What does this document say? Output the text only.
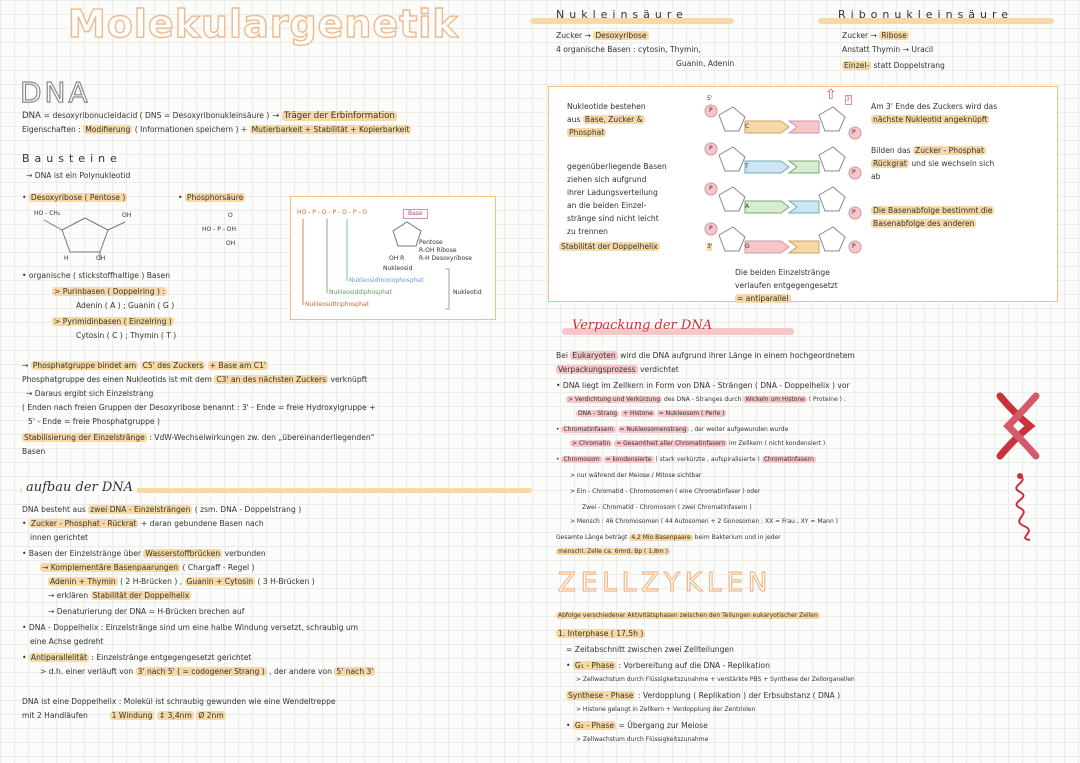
Molekulargenetik
DNA
DNA = desoxyribonucleidacid ( DNS = Desoxyribonukleinsäure ) → Träger der Erbinformation
Eigenschaften : Modifierung ( Informationen speichern ) + Mutierbarkeit + Stabilität + Kopierbarkeit
Bausteine
→ DNA ist ein Polynukleotid
• Desoxyribose ( Pentose )	• Phosphorsäure
HO - CH₂	OH
OH
H
O
HO - P - OH
OH
HO - P - O - P - O - P - O	Base
Pentose
R-OH Ribose
R-H Desoxyribose
OH R
Nukleosid
Nukleosidmonophosphat
Nukleosiddiphosphat
Nukleosidtriphosphat
Nukleotid
• organische ( stickstoffhaltige ) Basen
> Purinbasen ( Doppelring ) :
Adenin ( A ) ; Guanin ( G )
> Pyrimidinbasen ( Einzelring )
Cytosin ( C ) ; Thymin ( T )
→ Phosphatgruppe bindet am C5' des Zuckers + Base am C1'
Phosphatgruppe des einen Nukleotids ist mit dem C3' an des nächsten Zuckers verknüpft
→ Daraus ergibt sich Einzelstrang
( Enden nach freien Gruppen der Desoxyribose benannt : 3' - Ende = freie Hydroxylgruppe +
5' - Ende = freie Phosphatgruppe )
Stabilisierung der Einzelstränge : VdW-Wechselwirkungen zw. den „übereinanderliegenden"
Basen
aufbau der DNA
DNA besteht aus zwei DNA - Einzelsträngen ( zsm. DNA - Doppelstrang )
• Zucker - Phosphat - Rückrat + daran gebundene Basen nach
innen gerichtet
• Basen der Einzelstränge über Wasserstoffbrücken verbunden
→ Komplementäre Basenpaarungen ( Chargaff - Regel )
Adenin + Thymin ( 2 H-Brücken ) , Guanin + Cytosin ( 3 H-Brücken )
→ erklären Stabilität der Doppelhelix
→ Denaturierung der DNA = H-Brücken brechen auf
• DNA - Doppelhelix : Einzelstränge sind um eine halbe Windung versetzt, schraubig um
eine Achse gedreht
• Antiparallelität : Einzelstränge entgegengesetzt gerichtet
> d.h. einer verläuft von 3' nach 5' ( = codogener Strang ) , der andere von 5' nach 3'
DNA ist eine Doppelhelix : Molekül ist schraubig gewunden wie eine Wendeltreppe
mit 2 Handläufen	1 Windung ↕ 3,4nm Ø 2nm
Nukleinsäure
Zucker → Desoxyribose
4 organische Basen : cytosin, Thymin,
Guanin, Adenin
Ribonukleinsäure
Zucker → Ribose
Anstatt Thymin → Uracil
Einzel- statt Doppelstrang
Nukleotide bestehen
aus Base, Zucker &
Phosphat
gegenüberliegende Basen
ziehen sich aufgrund
ihrer Ladungsverteilung
an die beiden Einzel-
stränge sind nicht leicht
zu trennen
Stabilität der Doppelhelix
C
T
A
G
P
P
P
P
P
P
P
P
5'
3'
3'
⇧
Am 3' Ende des Zuckers wird das
nächste Nukleotid angeknüpft
Bilden das Zucker - Phosphat
Rückgrat und sie wechseln sich
ab
Die Basenabfolge bestimmt die
Basenabfolge des anderen
Die beiden Einzelstränge
verlaufen entgegengesetzt
= antiparallel
Verpackung der DNA
Bei Eukaryoten wird die DNA aufgrund ihrer Länge in einem hochgeordnetem
Verpackungsprozess verdichtet
• DNA liegt im Zellkern in Form von DNA - Strängen ( DNA - Doppelhelix ) vor
> Verdichtung und Verkürzung des DNA - Stranges durch Wickeln um Histone ( Proteine ) :
DNA - Strang + Histone = Nukleosom ( Perle )
• Chromatinfasern = Nukleosomenstrang , der weiter aufgewunden wurde
> Chromatin = Gesamtheit aller Chromatinfasern im Zellkern ( nicht kondensiert )
• Chromosom = kondensierte ( stark verkürzte , aufspiralisierte ) Chromatinfasern
> nur während der Meiose / Mitose sichtbar
> Ein - Chromatid - Chromosomen ( eine Chromatinfaser ) oder
Zwei - Chromatid - Chromosom ( zwei Chromatinfasern )
> Mensch : 46 Chromosomen ( 44 Autosomen + 2 Gonosomen : XX = Frau , XY = Mann )
Gesamte Länge beträgt 4,2 Mio Basenpaare beim Bakterium und in jeder
menschl. Zelle ca. 6mrd. Bp ( 1,8m )
ZELLZYKLEN
Abfolge verschiedener Aktivitätsphasen zwischen den Teilungen eukaryotischer Zellen
1. Interphase ( 17,5h )
= Zeitabschnitt zwischen zwei Zellteilungen
• G₁ - Phase : Vorbereitung auf die DNA - Replikation
> Zellwachstum durch Flüssigkeitszunahme + verstärkte PBS + Synthese der Zellorganellen
Synthese - Phase : Verdopplung ( Replikation ) der Erbsubstanz ( DNA )
> Histone gelangt in Zellkern + Verdopplung der Zentriolen
• G₂ - Phase = Übergang zur Meiose
> Zellwachstum durch Flüssigkeitszunahme
